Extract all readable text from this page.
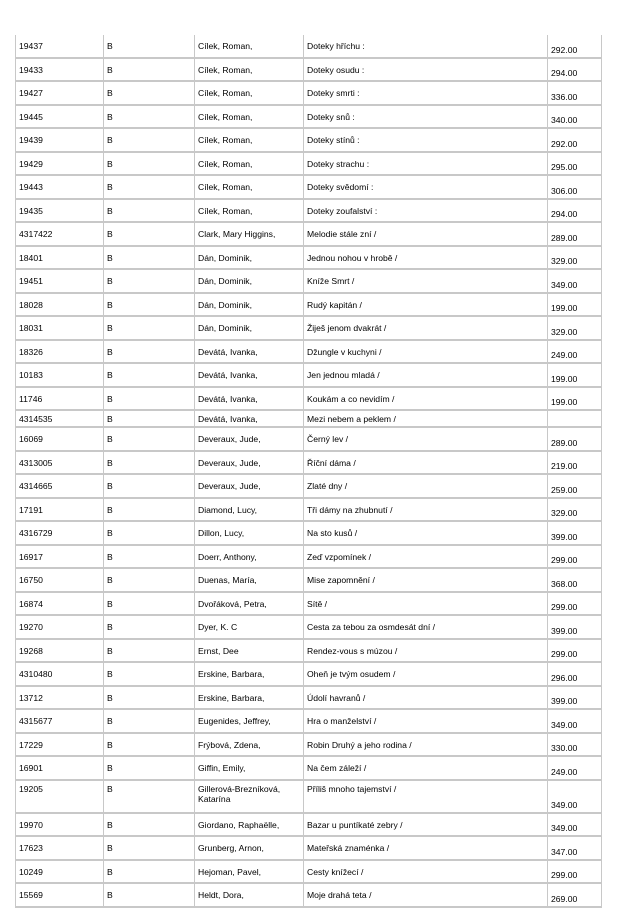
19437	B	Cílek, Roman,	Doteky hříchu :	292.00
19433	B	Cílek, Roman,	Doteky osudu :	294.00
19427	B	Cílek, Roman,	Doteky smrti :	336.00
19445	B	Cílek, Roman,	Doteky snů :	340.00
19439	B	Cílek, Roman,	Doteky stínů :	292.00
19429	B	Cílek, Roman,	Doteky strachu :	295.00
19443	B	Cílek, Roman,	Doteky svědomí :	306.00
19435	B	Cílek, Roman,	Doteky zoufalství :	294.00
4317422	B	Clark, Mary Higgins,	Melodie stále zní /	289.00
18401	B	Dán, Dominik,	Jednou nohou v hrobě /	329.00
19451	B	Dán, Dominik,	Kníže Smrt /	349.00
18028	B	Dán, Dominik,	Rudý kapitán /	199.00
18031	B	Dán, Dominik,	Žiješ jenom dvakrát /	329.00
18326	B	Devátá, Ivanka,	Džungle v kuchyni /	249.00
10183	B	Devátá, Ivanka,	Jen jednou mladá /	199.00
11746	B	Devátá, Ivanka,	Koukám a co nevidím /	199.00
4314535	B	Devátá, Ivanka,	Mezi nebem a peklem /	
16069	B	Deveraux, Jude,	Černý lev /	289.00
4313005	B	Deveraux, Jude,	Říční dáma /	219.00
4314665	B	Deveraux, Jude,	Zlaté dny /	259.00
17191	B	Diamond, Lucy,	Tři dámy na zhubnutí /	329.00
4316729	B	Dillon, Lucy,	Na sto kusů /	399.00
16917	B	Doerr, Anthony,	Zeď vzpomínek /	299.00
16750	B	Duenas, María,	Mise zapomnění /	368.00
16874	B	Dvořáková, Petra,	Sítě /	299.00
19270	B	Dyer, K. C	Cesta za tebou za osmdesát dní /	399.00
19268	B	Ernst, Dee	Rendez-vous s múzou /	299.00
4310480	B	Erskine, Barbara,	Oheň je tvým osudem /	296.00
13712	B	Erskine, Barbara,	Údolí havranů /	399.00
4315677	B	Eugenides, Jeffrey,	Hra o manželství /	349.00
17229	B	Frýbová, Zdena,	Robin Druhý a jeho rodina /	330.00
16901	B	Giffin, Emily,	Na čem záleží /	249.00
19205	B	Gillerová-Brezníková, Katarína	Příliš mnoho tajemství /	349.00
19970	B	Giordano, Raphaëlle,	Bazar u puntíkaté zebry /	349.00
17623	B	Grunberg, Arnon,	Mateřská znaménka /	347.00
10249	B	Hejoman, Pavel,	Cesty knížecí /	299.00
15569	B	Heldt, Dora,	Moje drahá teta /	269.00
